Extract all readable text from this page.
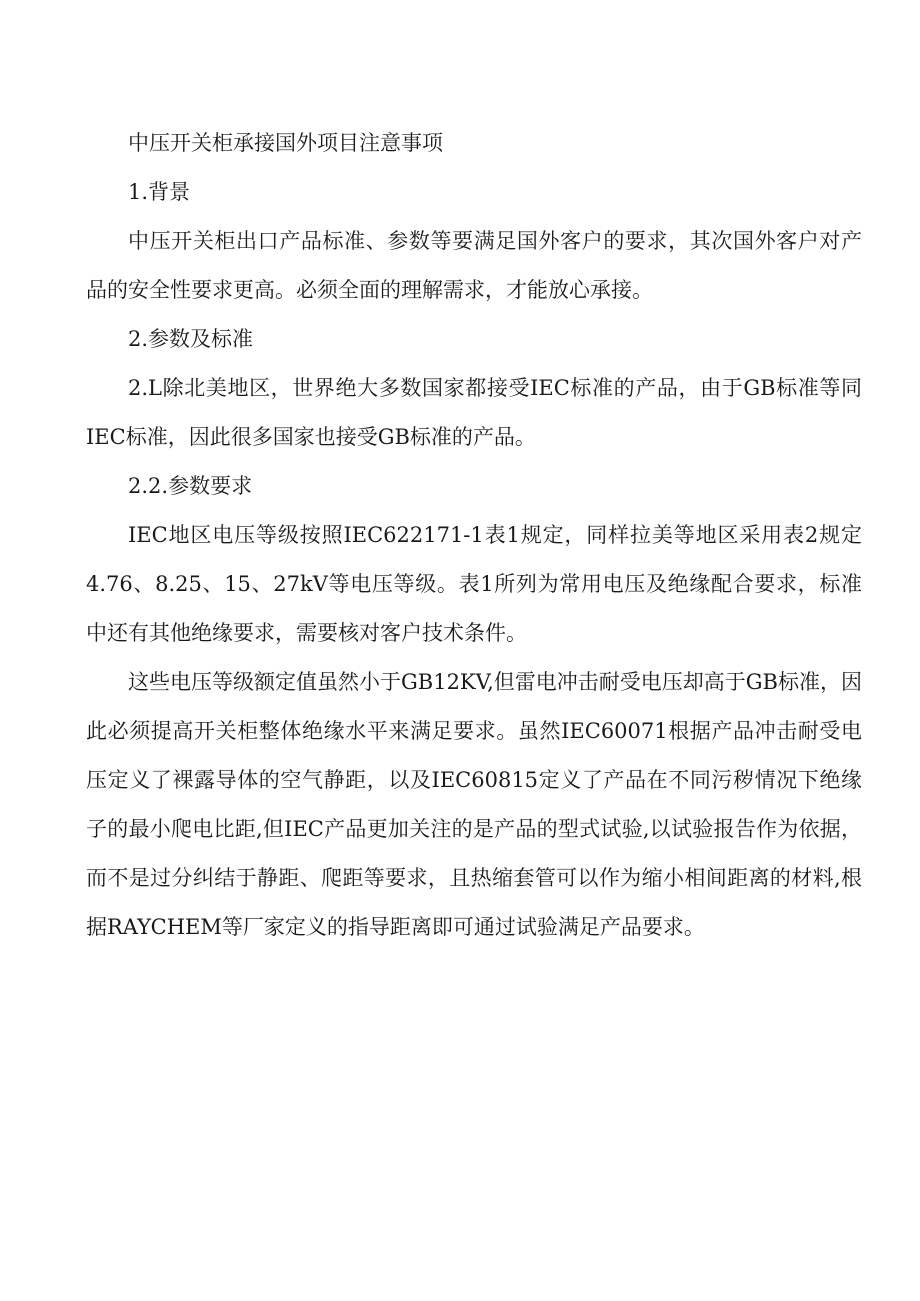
中压开关柜承接国外项目注意事项

1.背景

中压开关柜出口产品标准、参数等要满足国外客户的要求，其次国外客户对产品的安全性要求更高。必须全面的理解需求，才能放心承接。

2.参数及标准

2.L除北美地区，世界绝大多数国家都接受IEC标准的产品，由于GB标准等同IEC标准，因此很多国家也接受GB标准的产品。

2.2.参数要求

IEC地区电压等级按照IEC622171-1表1规定，同样拉美等地区采用表2规定4.76、8.25、15、27kV等电压等级。表1所列为常用电压及绝缘配合要求，标准中还有其他绝缘要求，需要核对客户技术条件。

这些电压等级额定值虽然小于GB12KV,但雷电冲击耐受电压却高于GB标准，因此必须提高开关柜整体绝缘水平来满足要求。虽然IEC60071根据产品冲击耐受电压定义了裸露导体的空气静距，以及IEC60815定义了产品在不同污秽情况下绝缘子的最小爬电比距,但IEC产品更加关注的是产品的型式试验,以试验报告作为依据，而不是过分纠结于静距、爬距等要求，且热缩套管可以作为缩小相间距离的材料,根据RAYCHEM等厂家定义的指导距离即可通过试验满足产品要求。
